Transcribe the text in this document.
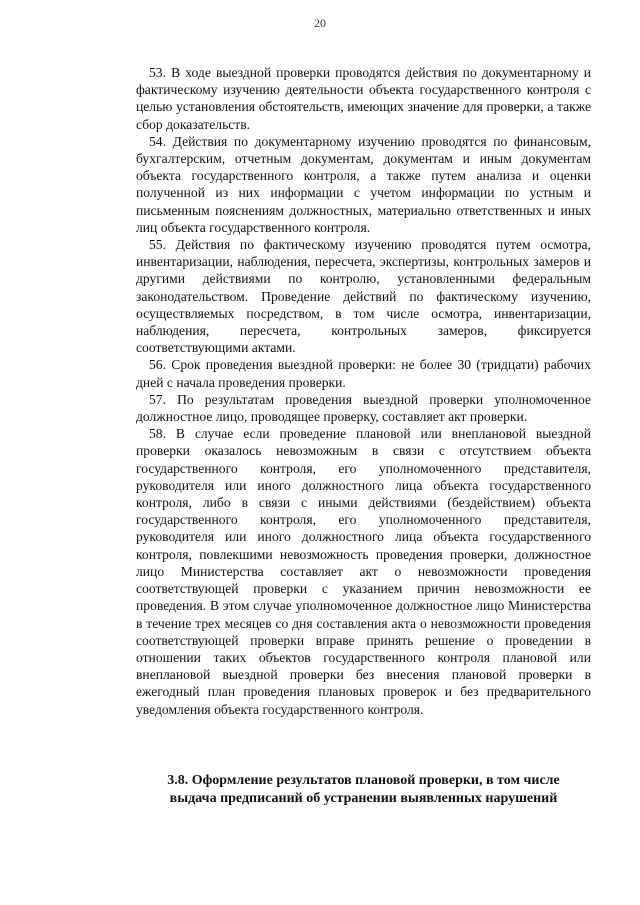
20

53. В ходе выездной проверки проводятся действия по документарному и фактическому изучению деятельности объекта государственного контроля с целью установления обстоятельств, имеющих значение для проверки, а также сбор доказательств.

54. Действия по документарному изучению проводятся по финансовым, бухгалтерским, отчетным документам, документам и иным документам объекта государственного контроля, а также путем анализа и оценки полученной из них информации с учетом информации по устным и письменным пояснениям должностных, материально ответственных и иных лиц объекта государственного контроля.

55. Действия по фактическому изучению проводятся путем осмотра, инвентаризации, наблюдения, пересчета, экспертизы, контрольных замеров и другими действиями по контролю, установленными федеральным законодательством. Проведение действий по фактическому изучению, осуществляемых посредством, в том числе осмотра, инвентаризации, наблюдения, пересчета, контрольных замеров, фиксируется соответствующими актами.

56. Срок проведения выездной проверки: не более 30 (тридцати) рабочих дней с начала проведения проверки.

57. По результатам проведения выездной проверки уполномоченное должностное лицо, проводящее проверку, составляет акт проверки.

58. В случае если проведение плановой или внеплановой выездной проверки оказалось невозможным в связи с отсутствием объекта государственного контроля, его уполномоченного представителя, руководителя или иного должностного лица объекта государственного контроля, либо в связи с иными действиями (бездействием) объекта государственного контроля, его уполномоченного представителя, руководителя или иного должностного лица объекта государственного контроля, повлекшими невозможность проведения проверки, должностное лицо Министерства составляет акт о невозможности проведения соответствующей проверки с указанием причин невозможности ее проведения. В этом случае уполномоченное должностное лицо Министерства в течение трех месяцев со дня составления акта о невозможности проведения соответствующей проверки вправе принять решение о проведении в отношении таких объектов государственного контроля плановой или внеплановой выездной проверки без внесения плановой проверки в ежегодный план проведения плановых проверок и без предварительного уведомления объекта государственного контроля.

3.8. Оформление результатов плановой проверки, в том числе
выдача предписаний об устранении выявленных нарушений
